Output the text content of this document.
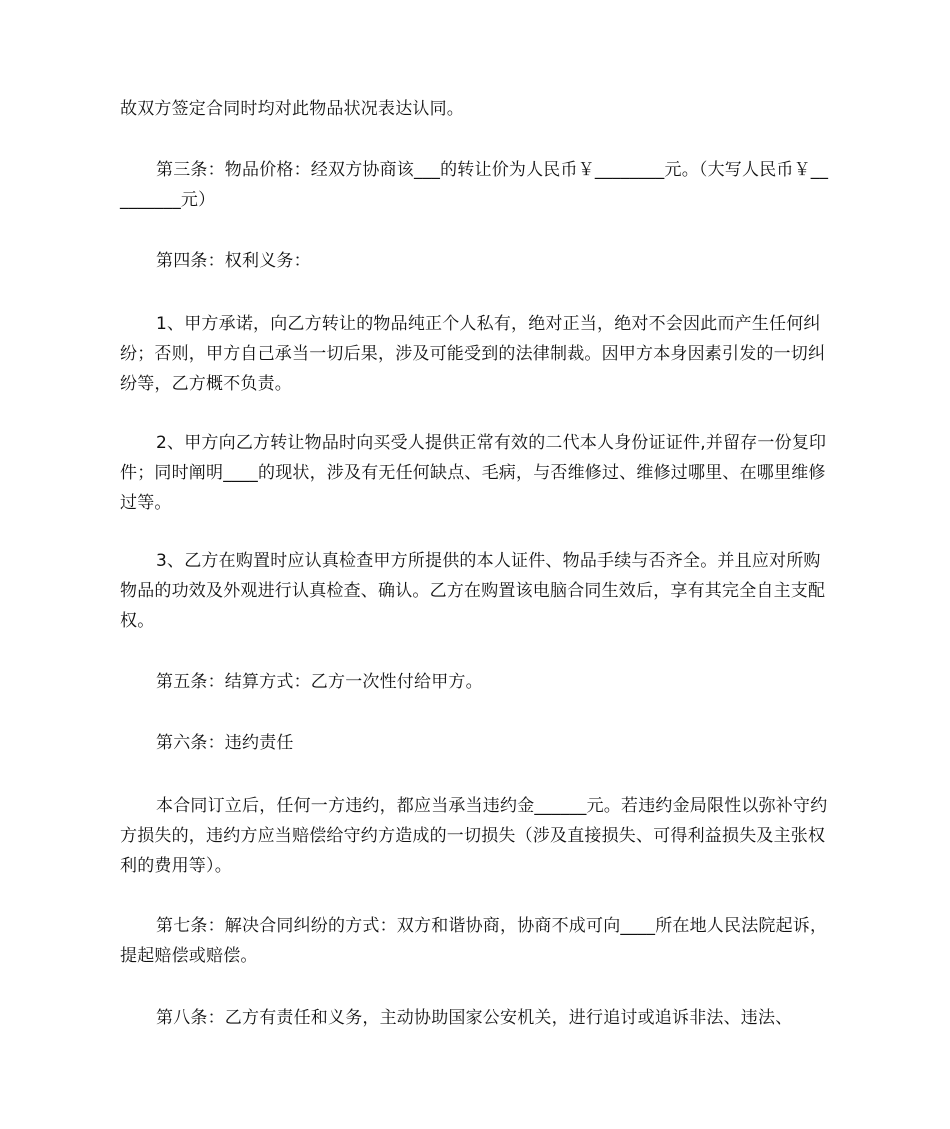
故双方签定合同时均对此物品状况表达认同。

第三条：物品价格：经双方协商该___的转让价为人民币￥________元。（大写人民币￥_________元）

第四条：权利义务：

1、甲方承诺，向乙方转让的物品纯正个人私有，绝对正当，绝对不会因此而产生任何纠纷；否则，甲方自己承当一切后果，涉及可能受到的法律制裁。因甲方本身因素引发的一切纠纷等，乙方概不负责。

2、甲方向乙方转让物品时向买受人提供正常有效的二代本人身份证证件,并留存一份复印件；同时阐明____的现状，涉及有无任何缺点、毛病，与否维修过、维修过哪里、在哪里维修过等。

3、乙方在购置时应认真检查甲方所提供的本人证件、物品手续与否齐全。并且应对所购物品的功效及外观进行认真检查、确认。乙方在购置该电脑合同生效后，享有其完全自主支配权。

第五条：结算方式：乙方一次性付给甲方。

第六条：违约责任

本合同订立后，任何一方违约，都应当承当违约金______元。若违约金局限性以弥补守约方损失的，违约方应当赔偿给守约方造成的一切损失（涉及直接损失、可得利益损失及主张权利的费用等）。

第七条：解决合同纠纷的方式：双方和谐协商，协商不成可向____所在地人民法院起诉，提起赔偿或赔偿。

第八条：乙方有责任和义务，主动协助国家公安机关，进行追讨或追诉非法、违法、
